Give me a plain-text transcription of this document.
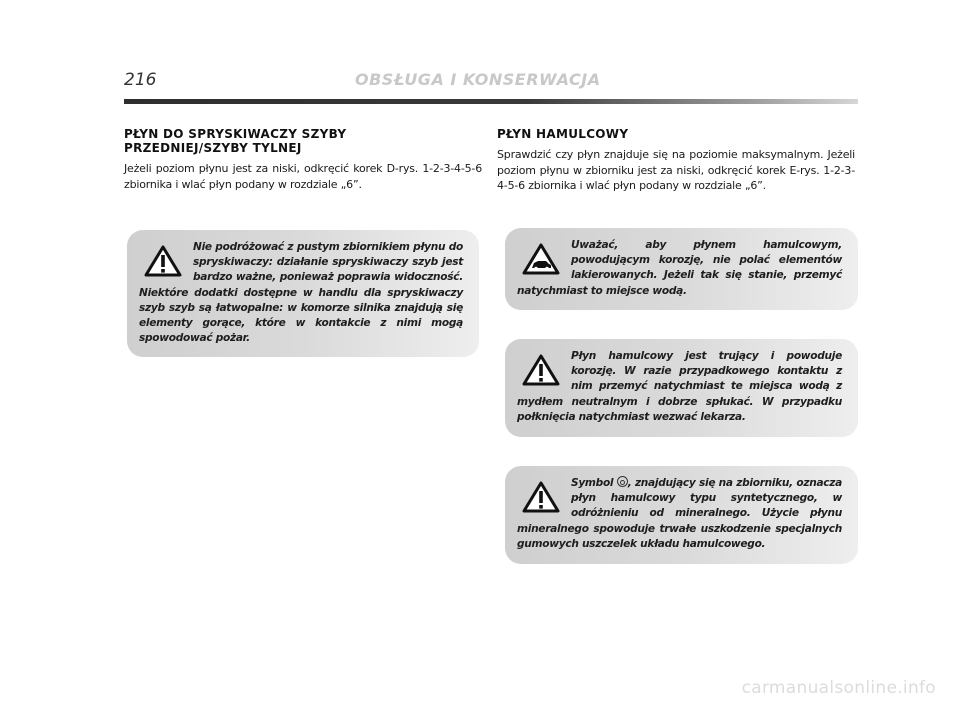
216	OBSŁUGA I KONSERWACJA
PŁYN DO SPRYSKIWACZY SZYBY
PRZEDNIEJ/SZYBY TYLNEJ

Jeżeli poziom płynu jest za niski, odkręcić korek D-rys. 1-2-3-4-5-6 zbiornika i wlać płyn podany w rozdziale „6”.

Nie podróżować z pustym zbiornikiem płynu do spryskiwaczy: działanie spryskiwaczy szyb jest bardzo ważne, ponieważ poprawia widoczność. Niektóre dodatki dostępne w handlu dla spryskiwaczy szyb szyb są łatwopalne: w komorze silnika znajdują się elementy gorące, które w kontakcie z nimi mogą spowodować pożar.

PŁYN HAMULCOWY

Sprawdzić czy płyn znajduje się na poziomie maksymalnym. Jeżeli poziom płynu w zbiorniku jest za niski, odkręcić korek E-rys. 1-2-3-4-5-6 zbiornika i wlać płyn podany w rozdziale „6”.

Uważać, aby płynem hamulcowym, powodującym korozję, nie polać elementów lakierowanych. Jeżeli tak się stanie, przemyć natychmiast to miejsce wodą.

Płyn hamulcowy jest trujący i powoduje korozję. W razie przypadkowego kontaktu z nim przemyć natychmiast te miejsca wodą z mydłem neutralnym i dobrze spłukać. W przypadku połknięcia natychmiast wezwać lekarza.

Symbol , znajdujący się na zbiorniku, oznacza płyn hamulcowy typu syntetycznego, w odróżnieniu od mineralnego. Użycie płynu mineralnego spowoduje trwałe uszkodzenie specjalnych gumowych uszczelek układu hamulcowego.

carmanualsonline.info
